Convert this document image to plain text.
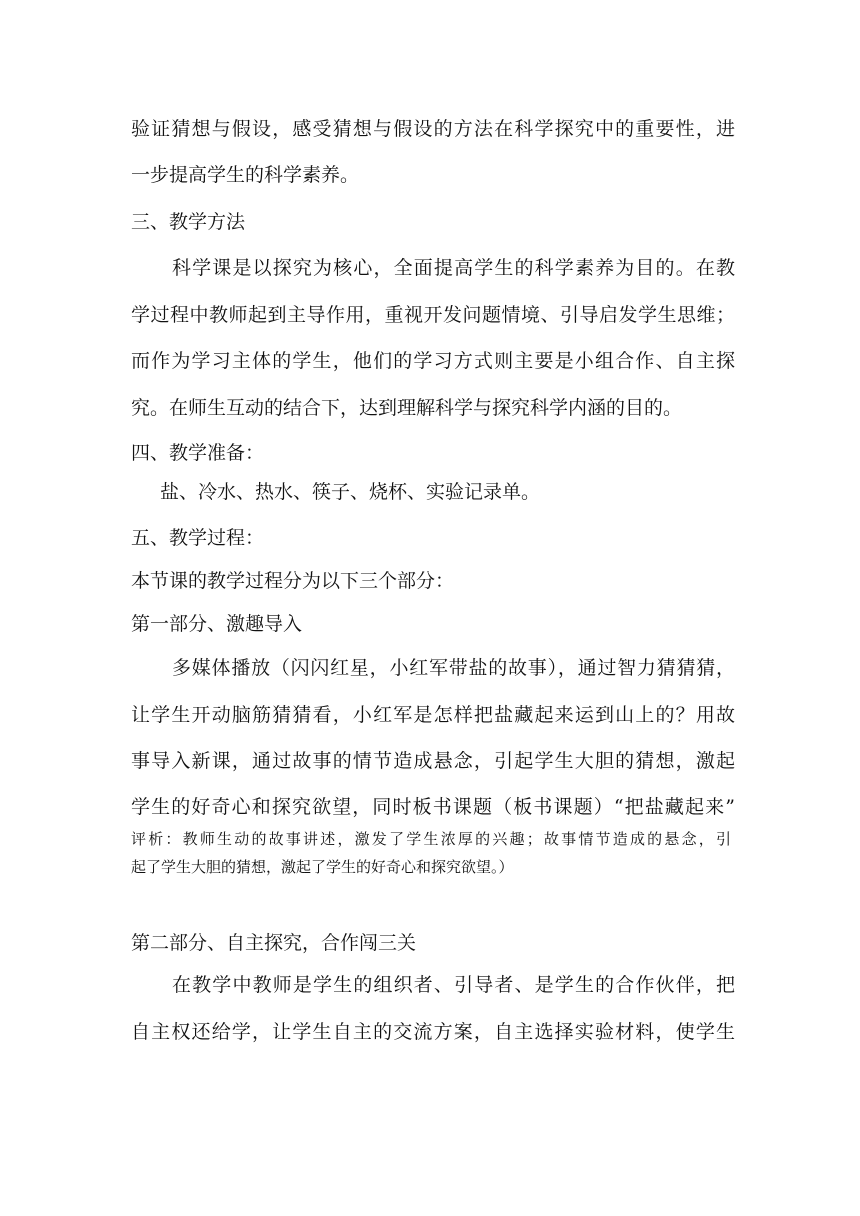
验证猜想与假设，感受猜想与假设的方法在科学探究中的重要性，进
一步提高学生的科学素养。
三、教学方法
科学课是以探究为核心，全面提高学生的科学素养为目的。在教
学过程中教师起到主导作用，重视开发问题情境、引导启发学生思维；
而作为学习主体的学生，他们的学习方式则主要是小组合作、自主探
究。在师生互动的结合下，达到理解科学与探究科学内涵的目的。
四、教学准备：
盐、冷水、热水、筷子、烧杯、实验记录单。
五、教学过程：
本节课的教学过程分为以下三个部分：
第一部分、激趣导入
多媒体播放（闪闪红星，小红军带盐的故事），通过智力猜猜猜，
让学生开动脑筋猜猜看，小红军是怎样把盐藏起来运到山上的？用故
事导入新课，通过故事的情节造成悬念，引起学生大胆的猜想，激起
学生的好奇心和探究欲望，同时板书课题（板书课题）“把盐藏起来”
评析：教师生动的故事讲述，激发了学生浓厚的兴趣；故事情节造成的悬念，引
起了学生大胆的猜想，激起了学生的好奇心和探究欲望。）
第二部分、自主探究，合作闯三关
在教学中教师是学生的组织者、引导者、是学生的合作伙伴，把
自主权还给学，让学生自主的交流方案，自主选择实验材料，使学生
